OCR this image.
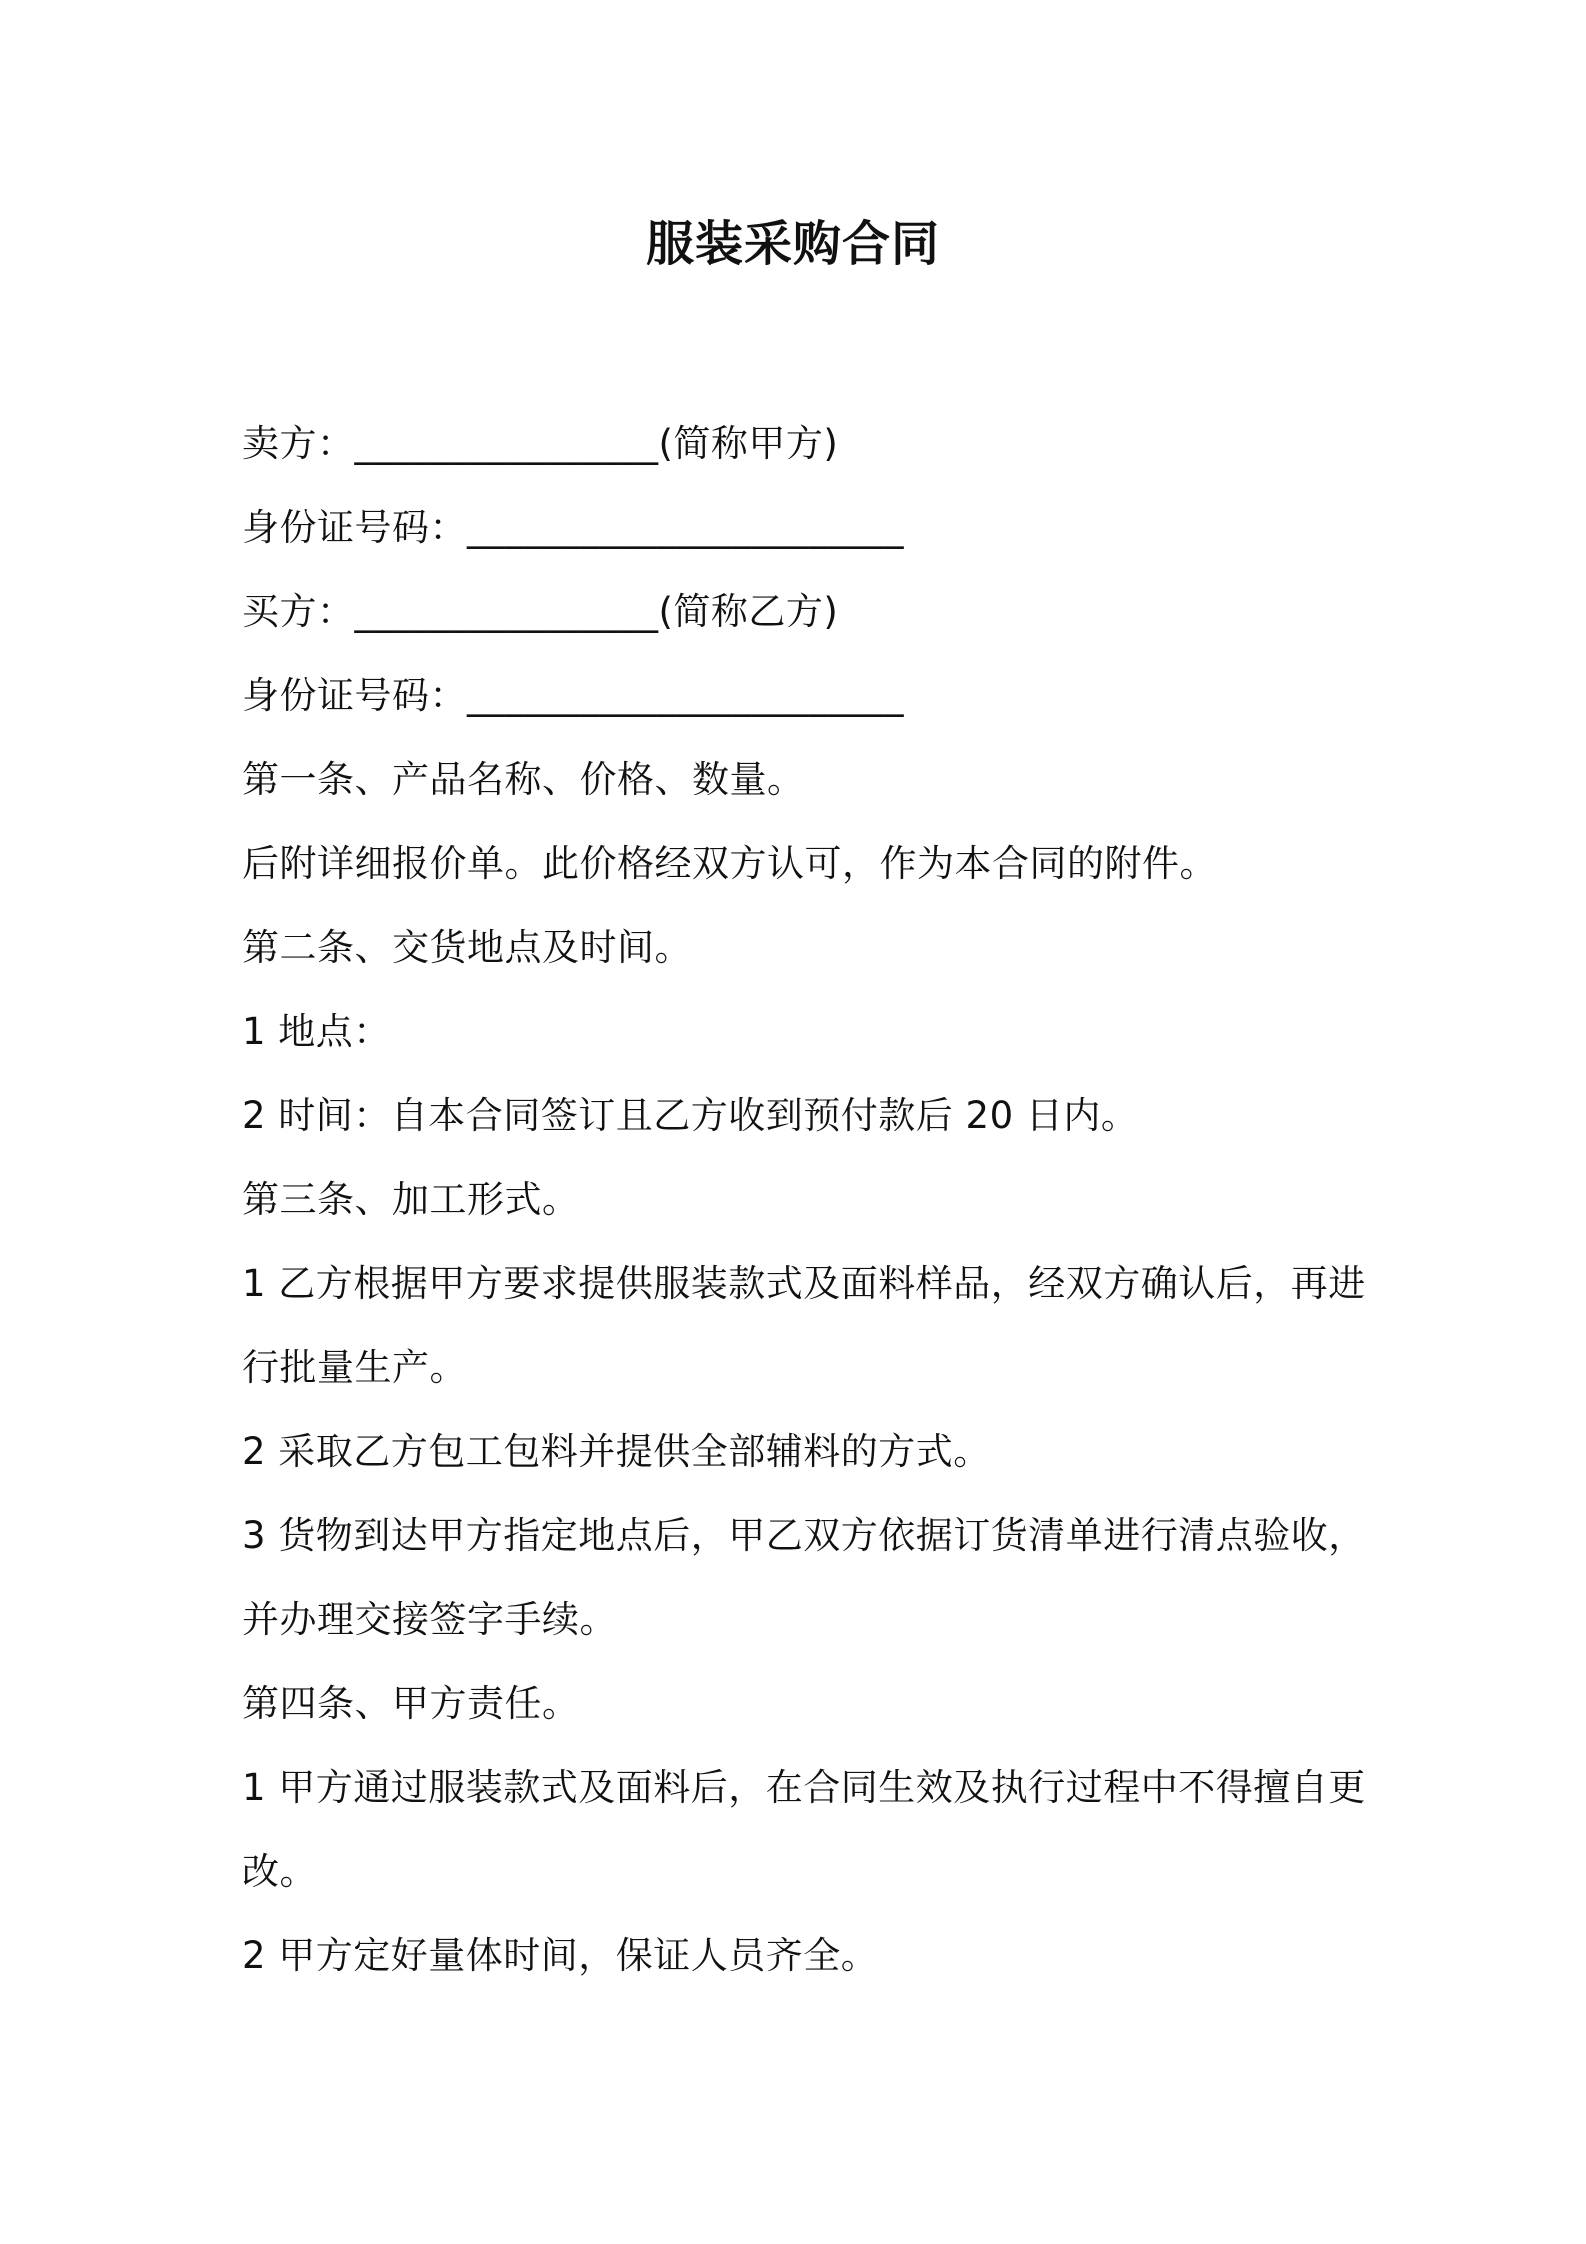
服装采购合同

卖方：________________(简称甲方)

身份证号码：_______________________

买方：________________(简称乙方)

身份证号码：_______________________

第一条、产品名称、价格、数量。

后附详细报价单。此价格经双方认可，作为本合同的附件。

第二条、交货地点及时间。

1 地点：

2 时间：自本合同签订且乙方收到预付款后 20 日内。

第三条、加工形式。

1 乙方根据甲方要求提供服装款式及面料样品，经双方确认后，再进

行批量生产。

2 采取乙方包工包料并提供全部辅料的方式。

3 货物到达甲方指定地点后，甲乙双方依据订货清单进行清点验收，

并办理交接签字手续。

第四条、甲方责任。

1 甲方通过服装款式及面料后，在合同生效及执行过程中不得擅自更

改。

2 甲方定好量体时间，保证人员齐全。
